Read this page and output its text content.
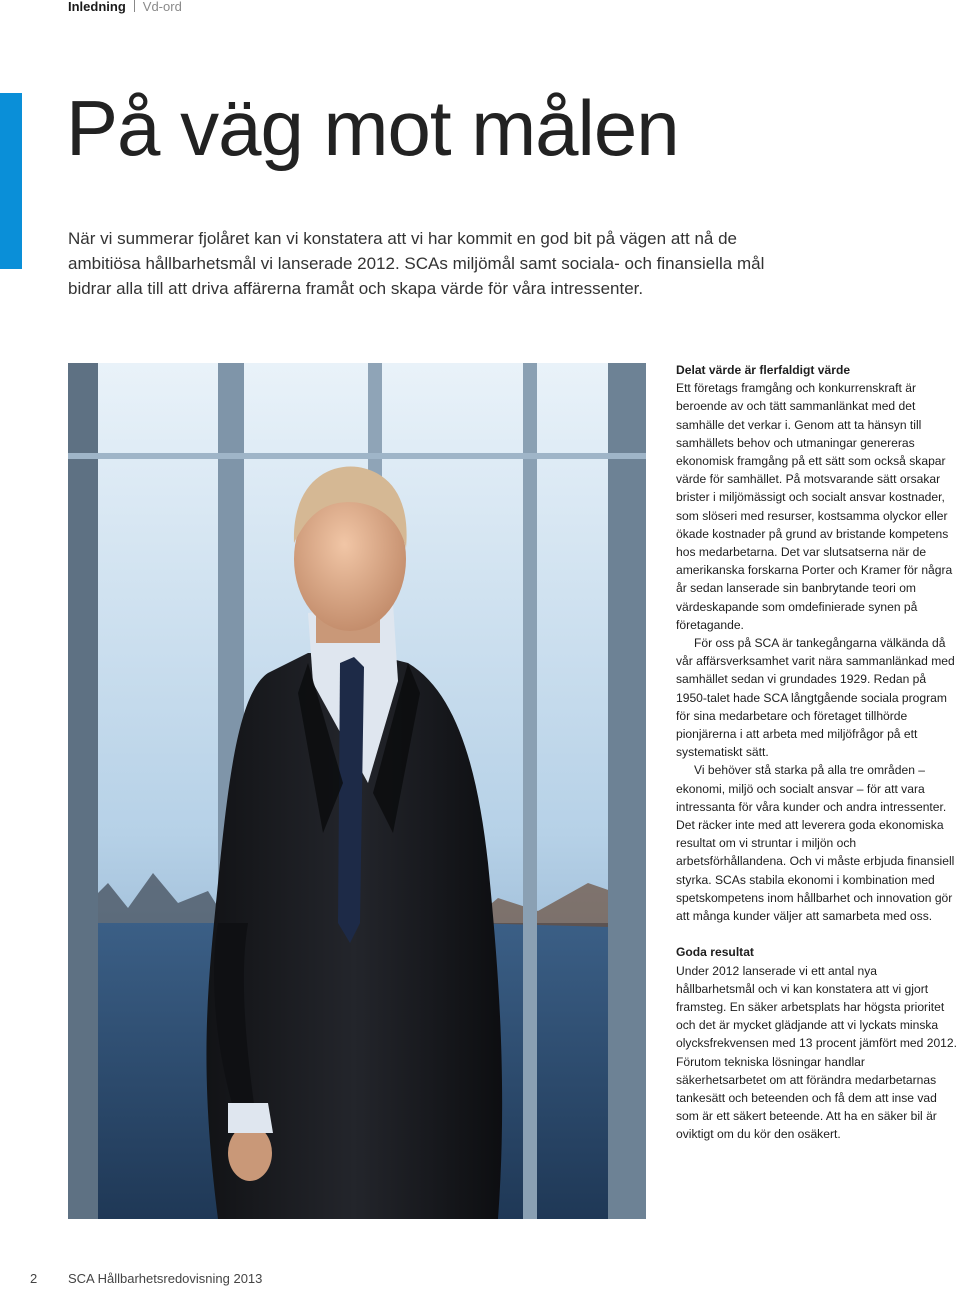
Inledning Vd-ord
På väg mot målen

När vi summerar fjolåret kan vi konstatera att vi har kommit en god bit på vägen att nå de ambitiösa hållbarhetsmål vi lanserade 2012. SCAs miljömål samt sociala- och finansiella mål bidrar alla till att driva affärerna framåt och skapa värde för våra intressenter.

Delat värde är flerfaldigt värde

Ett företags framgång och konkurrenskraft är beroende av och tätt sammanlänkat med det samhälle det verkar i. Genom att ta hänsyn till samhällets behov och utmaningar genereras ekonomisk framgång på ett sätt som också skapar värde för samhället. På motsvarande sätt orsakar brister i miljömässigt och socialt ansvar kostnader, som slöseri med resurser, kostsamma olyckor eller ökade kostnader på grund av bristande kompetens hos medarbetarna. Det var slutsatserna när de amerikanska forskarna Porter och Kramer för några år sedan lanserade sin banbrytande teori om värdeskapande som omdefinierade synen på företagande.

För oss på SCA är tankegångarna välkända då vår affärsverksamhet varit nära sammanlänkad med samhället sedan vi grundades 1929. Redan på 1950-talet hade SCA långtgående sociala program för sina medarbetare och företaget tillhörde pionjärerna i att arbeta med miljöfrågor på ett systematiskt sätt.

Vi behöver stå starka på alla tre områden – ekonomi, miljö och socialt ansvar – för att vara intressanta för våra kunder och andra intressenter. Det räcker inte med att leverera goda ekonomiska resultat om vi struntar i miljön och arbetsförhållandena. Och vi måste erbjuda finansiell styrka. SCAs stabila ekonomi i kombination med spetskompetens inom hållbarhet och innovation gör att många kunder väljer att samarbeta med oss.

Goda resultat

Under 2012 lanserade vi ett antal nya hållbarhetsmål och vi kan konstatera att vi gjort framsteg. En säker arbetsplats har högsta prioritet och det är mycket glädjande att vi lyckats minska olycksfrekvensen med 13 procent jämfört med 2012. Förutom tekniska lösningar handlar säkerhetsarbetet om att förändra medarbetarnas tankesätt och beteenden och få dem att inse vad som är ett säkert beteende. Att ha en säker bil är oviktigt om du kör den osäkert.

2 SCA Hållbarhetsredovisning 2013
